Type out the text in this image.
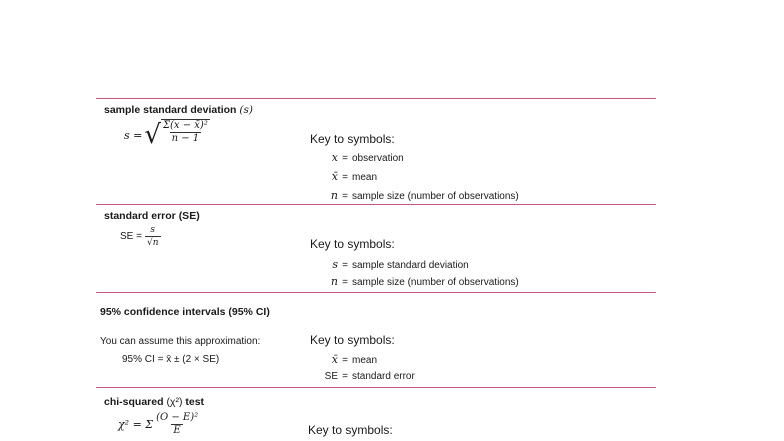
sample standard deviation (s)
s = √ $\frac{\text{Σ(x − x̄)²}}{n - 1}$	Key to symbols:
x = observation
x̄ = mean
n = sample size (number of observations)
standard error (SE)
SE = $\frac{s}{√n}$	Key to symbols:
s = sample standard deviation
n = sample size (number of observations)
95% confidence intervals (95% CI)
You can assume this approximation:
95% CI = x̄ ± (2 × SE)
Key to symbols:
x̄ = mean
SE = standard error
chi-squared (χ²) test
χ² = Σ $\frac{\text{(O − E)²}}{E}$	Key to symbols:
